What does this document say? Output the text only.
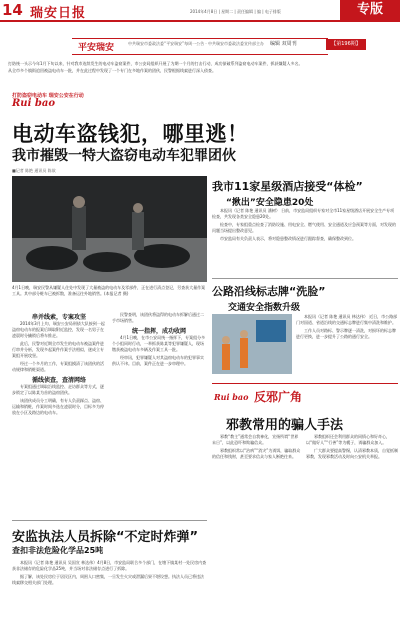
14 瑞安日报	2014年4月8日 | 星期二 | 责任编辑 | 编 | 电子排版	专版
平安瑞安	中共瑞安市委政法委“平安瑞安”每周一公告 · 中共瑞安市委政法委宣传部主办	编辑 双周刊	【第196期】

打防统一头示今年1月下旬以来，针对我市连续发生的电动车盗窃案件，市公安局组织开展了为期一个月的打击行动，成功侦破系列盗窃电动车案件，抓获嫌疑人多名。

从全市多个镇街追回被盗电动车一批，并在此过程中发现了一个专门在多地作案的团伙，民警根据线索进行深入侦查。

打防盗窃电动车 瑞安公安在行动
Rui bao
电动车盗钱犯，哪里逃！
我市摧毁一特大盗窃电动车犯罪团伙
■记者 陈艳 通讯员 陈欲

4月1日晚，瑞安民警从嫌疑人住处中发现了大量被盗的电动车及零部件，正在进行清点登记，另查获大量作案工具。其中部分赃车已被拆散，准备运往外地销售。(本报记者 摄)

串并线索，专案攻坚

2014年3月上旬，瑞安公安局刑侦大队接到一起盗窃电动车的报案后调取附近监控，发现一名男子在凌晨时分撬锁后将车推走。

此后，民警对近期全市发生的电动车被盗案件进行串并分析，发现多起案件作案手法相似，遂成立专案组开展攻坚。

经过一个多月的工作，专案组摸清了该团伙的活动规律和销赃渠道。

循线侦查，查清网络

专案组通过调取沿线监控、走访群众等方式，逐步锁定了以陈某为首的盗窃团伙。

该团伙成员分工明确，有专人负责踩点、盗窃、运输和销赃，作案时间多选在凌晨时分，目标多为停放在小区及路边的电动车。

民警查明，该团伙将盗得的电动车拆解后通过二手市场销售。

统一指挥，成功收网

4月1日晚，在市公安局统一指挥下，专案组分多个小组同时行动，一举抓获陈某等犯罪嫌疑人，现场缴获被盗电动车多辆及作案工具一批。

经审讯，犯罪嫌疑人对其盗窃电动车的犯罪事实供认不讳。目前，案件正在进一步审理中。

安监执法人员拆除“不定时炸弹”
查扣非法危险化学品25吨

本报讯（记者 陈艳 通讯员 吴国宣 林达伟）4月8日，市安监局联合多个部门，在塘下镇某村一处民房内查获非法储存的危险化学品25吨，并当场对非法储存点进行了拆除。

据了解，该处民房位于居民区内，周围人口密集，一旦发生火灾或泄漏后果不堪设想。执法人员已将违法线索移交相关部门处理。

我市11家星级酒店接受“体检”
“揪出”安全隐患20处

本报讯（记者 陈艳 通讯员 潘树） 日前，市安监局组织专家对全市11家星级酒店开展安全生产专项检查，共发现各类安全隐患20处。

检查中，专家组重点检查了消防设施、用电安全、燃气使用、安全通道及应急预案等方面，对发现的问题当场提出整改意见。

市安监局有关负责人表示，将对隐患整改情况进行跟踪督查，确保整改到位。

公路沿线标志牌“洗脸”
交通安全指数升级

本报讯（记者 陈艳 通讯员 林达伟） 近日，市公路部门对国道、省道沿线的交通标志牌进行集中清洗和维护。

工作人员对路标、警示牌逐一清洗，对损坏的标志牌进行更换，进一步提升了公路的通行安全。

Rui bao 反邪广角
邪教常用的骗人手法

邪教“教主”通常会自我神化，宣扬所谓“世界末日”，以此恐吓和欺骗信众。

邪教组织常以“治病”“消灾”为诱饵，骗取群众的信任和钱财，甚至要求信众与家人断绝往来。

邪教组织还会利用群众的同情心和好奇心，以“做好人”“行善”等为幌子，诱骗群众加入。

广大群众要提高警惕，认清邪教本质，自觉抵制邪教，发现邪教活动及时向公安机关举报。
